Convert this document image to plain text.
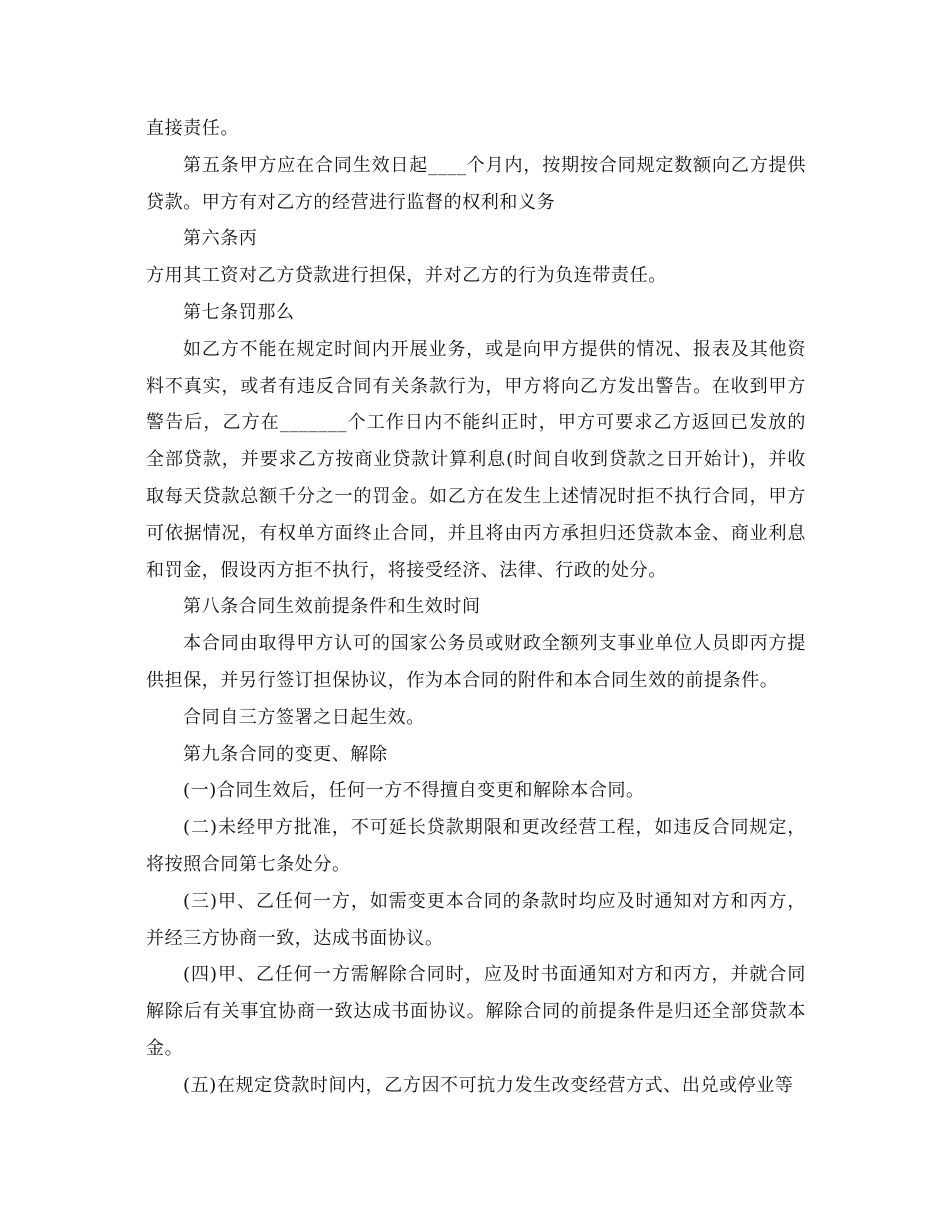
直接责任。

第五条甲方应在合同生效日起____个月内，按期按合同规定数额向乙方提供贷款。甲方有对乙方的经营进行监督的权利和义务

第六条丙

方用其工资对乙方贷款进行担保，并对乙方的行为负连带责任。

第七条罚那么

如乙方不能在规定时间内开展业务，或是向甲方提供的情况、报表及其他资料不真实，或者有违反合同有关条款行为，甲方将向乙方发出警告。在收到甲方警告后，乙方在_______个工作日内不能纠正时，甲方可要求乙方返回已发放的全部贷款，并要求乙方按商业贷款计算利息(时间自收到贷款之日开始计)，并收取每天贷款总额千分之一的罚金。如乙方在发生上述情况时拒不执行合同，甲方可依据情况，有权单方面终止合同，并且将由丙方承担归还贷款本金、商业利息和罚金，假设丙方拒不执行，将接受经济、法律、行政的处分。

第八条合同生效前提条件和生效时间

本合同由取得甲方认可的国家公务员或财政全额列支事业单位人员即丙方提供担保，并另行签订担保协议，作为本合同的附件和本合同生效的前提条件。

合同自三方签署之日起生效。

第九条合同的变更、解除

(一)合同生效后，任何一方不得擅自变更和解除本合同。

(二)未经甲方批准，不可延长贷款期限和更改经营工程，如违反合同规定，将按照合同第七条处分。

(三)甲、乙任何一方，如需变更本合同的条款时均应及时通知对方和丙方，并经三方协商一致，达成书面协议。

(四)甲、乙任何一方需解除合同时，应及时书面通知对方和丙方，并就合同解除后有关事宜协商一致达成书面协议。解除合同的前提条件是归还全部贷款本金。

(五)在规定贷款时间内，乙方因不可抗力发生改变经营方式、出兑或停业等
